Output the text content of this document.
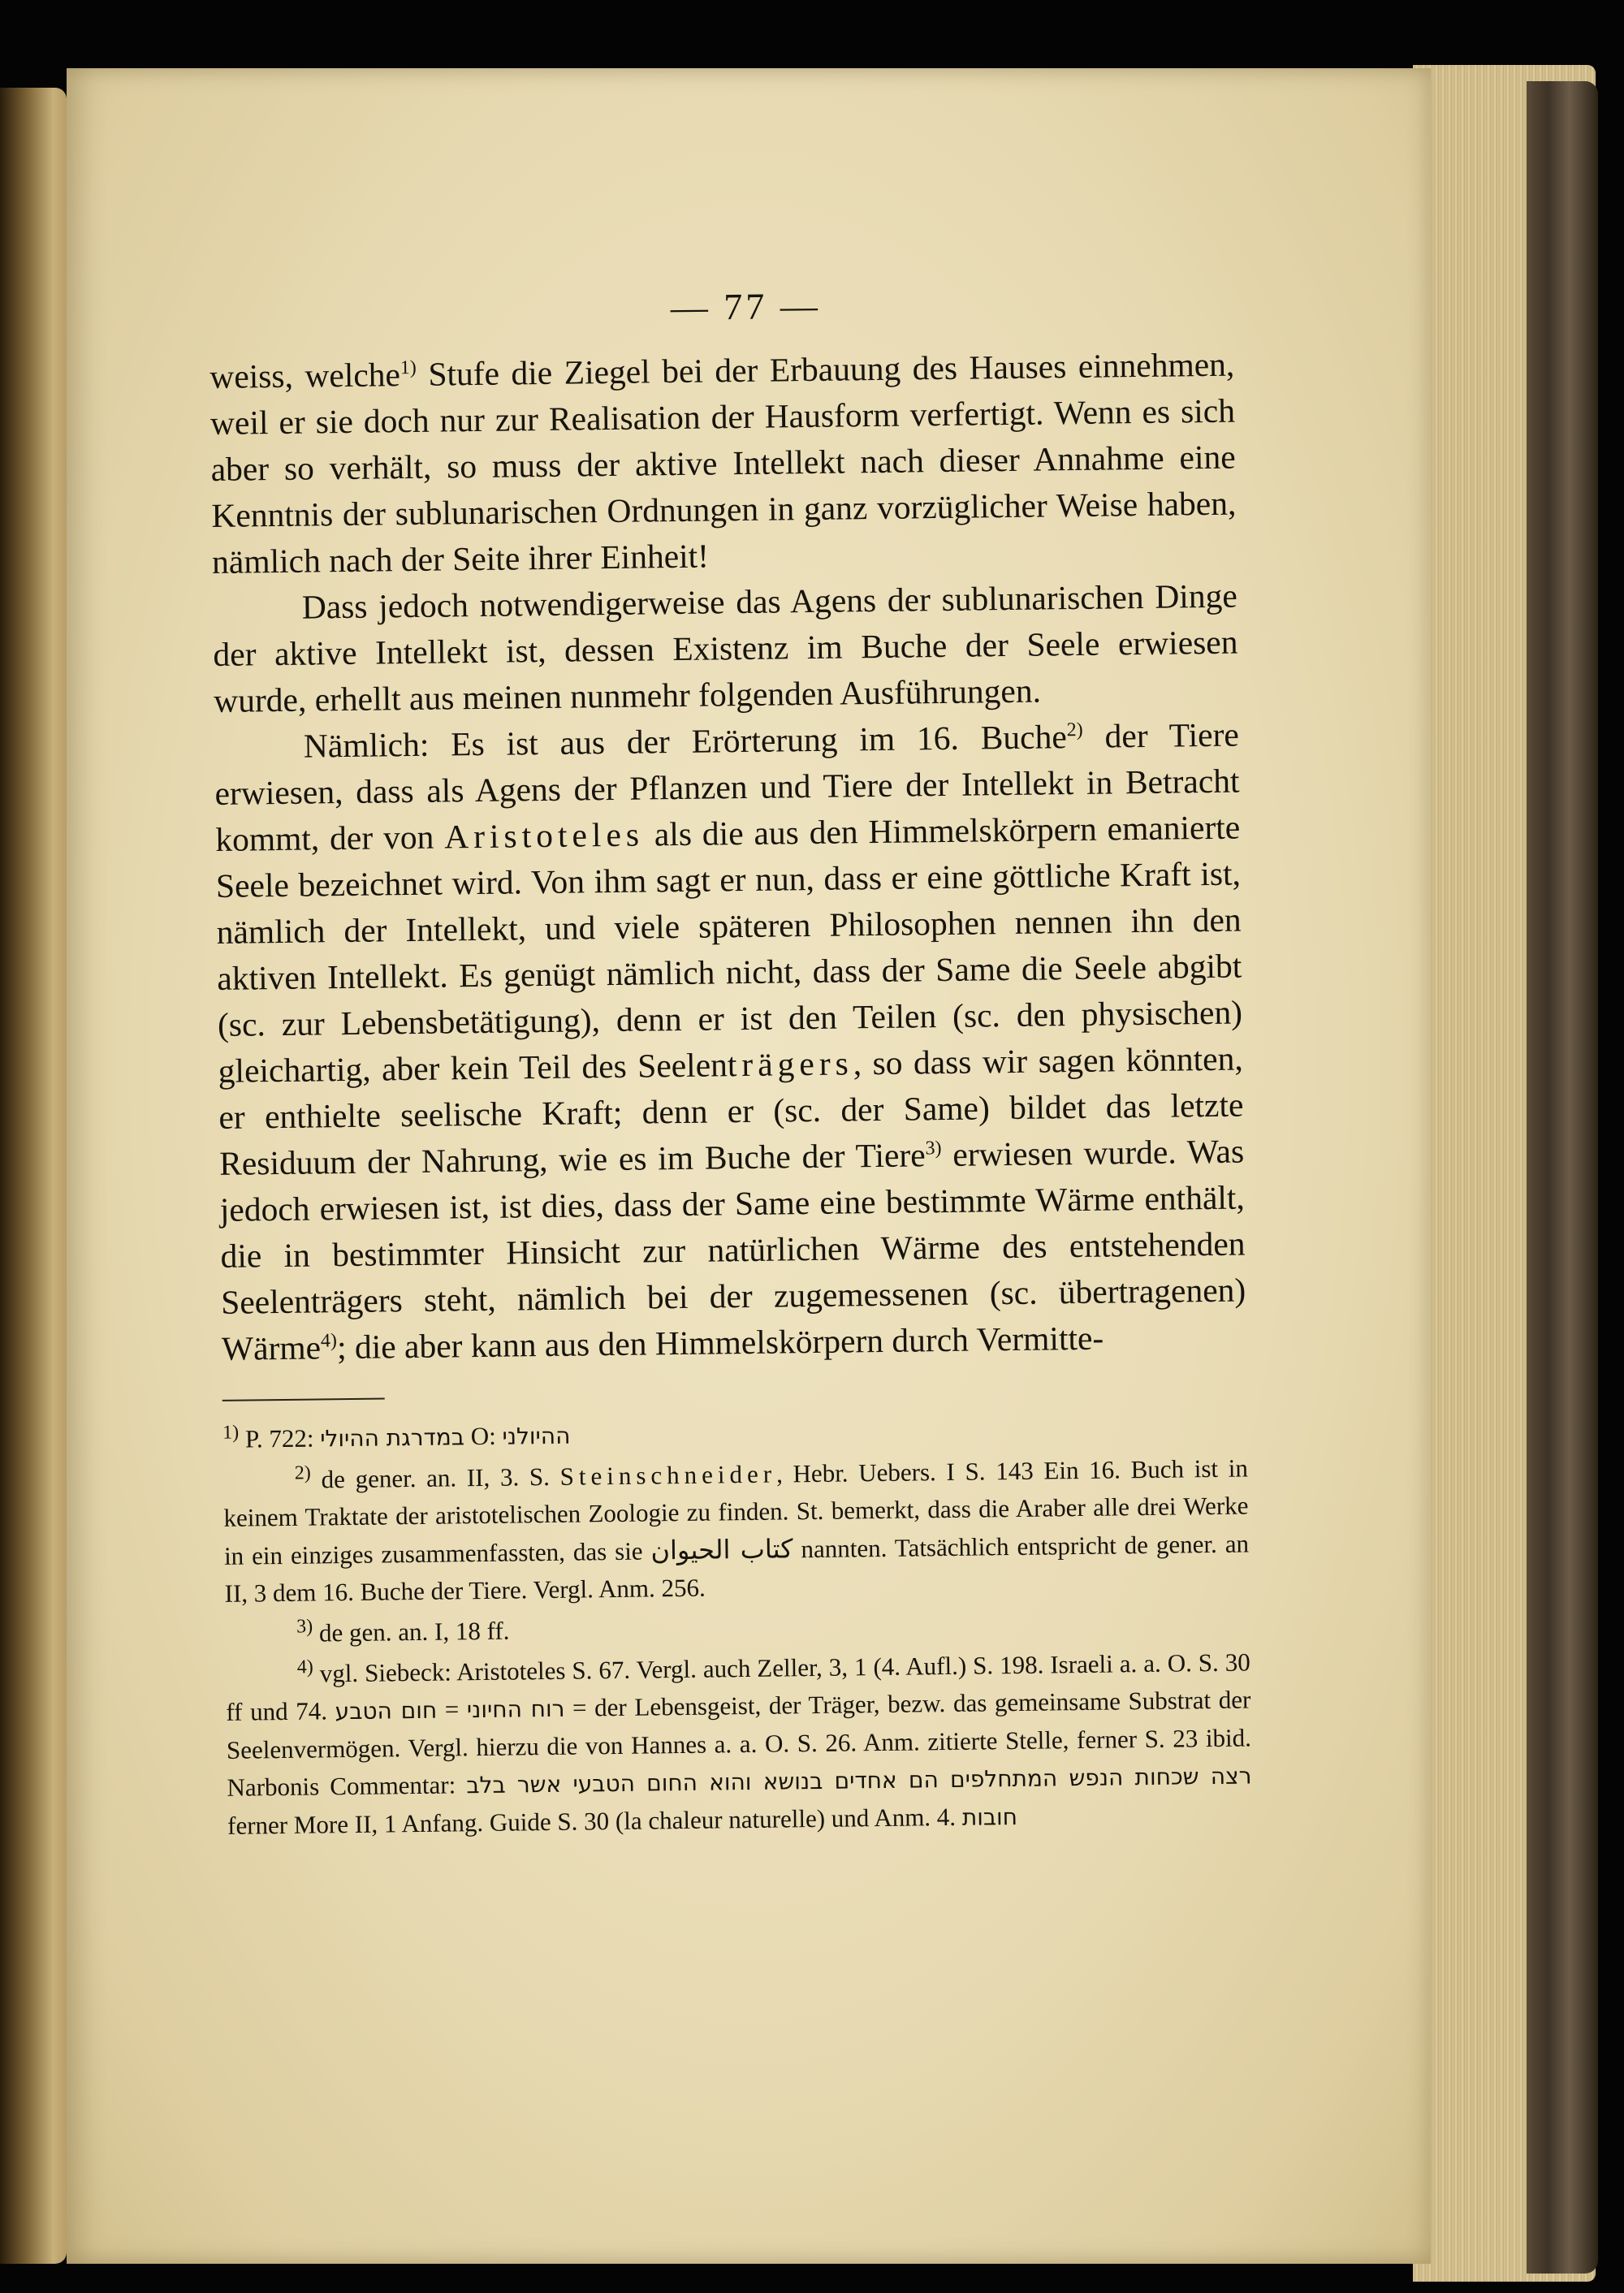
— 77 —

weiss, welche$^{1)}$ Stufe die Ziegel bei der Erbauung des Hauses einnehmen, weil er sie doch nur zur Realisation der Hausform verfertigt. Wenn es sich aber so verhält, so muss der aktive Intellekt nach dieser Annahme eine Kenntnis der sublunarischen Ordnungen in ganz vorzüglicher Weise haben, nämlich nach der Seite ihrer Einheit!

Dass jedoch notwendigerweise das Agens der sublunarischen Dinge der aktive Intellekt ist, dessen Existenz im Buche der Seele erwiesen wurde, erhellt aus meinen nunmehr folgenden Ausführungen.

Nämlich: Es ist aus der Erörterung im 16. Buche$^{2)}$ der Tiere erwiesen, dass als Agens der Pflanzen und Tiere der Intellekt in Betracht kommt, der von Aristoteles als die aus den Himmelskörpern emanierte Seele bezeichnet wird. Von ihm sagt er nun, dass er eine göttliche Kraft ist, nämlich der Intellekt, und viele späteren Philosophen nennen ihn den aktiven Intellekt. Es genügt nämlich nicht, dass der Same die Seele abgibt (sc. zur Lebensbetätigung), denn er ist den Teilen (sc. den physischen) gleichartig, aber kein Teil des Seelenträgers, so dass wir sagen könnten, er enthielte seelische Kraft; denn er (sc. der Same) bildet das letzte Residuum der Nahrung, wie es im Buche der Tiere$^{3)}$ erwiesen wurde. Was jedoch erwiesen ist, ist dies, dass der Same eine bestimmte Wärme enthält, die in bestimmter Hinsicht zur natürlichen Wärme des entstehenden Seelenträgers steht, nämlich bei der zugemessenen (sc. übertragenen) Wärme$^{4)}$; die aber kann aus den Himmelskörpern durch Vermitte-

$^{1)}$ P. 722: במדרגת ההיולי O: ההיולני

$^{2)}$ de gener. an. II, 3. S. Steinschneider, Hebr. Uebers. I S. 143 Ein 16. Buch ist in keinem Traktate der aristotelischen Zoologie zu finden. St. bemerkt, dass die Araber alle drei Werke in ein einziges zusammenfassten, das sie كتاب الحيوان nannten. Tatsächlich entspricht de gener. an II, 3 dem 16. Buche der Tiere. Vergl. Anm. 256.

$^{3)}$ de gen. an. I, 18 ff.

$^{4)}$ vgl. Siebeck: Aristoteles S. 67. Vergl. auch Zeller, 3, 1 (4. Aufl.) S. 198. Israeli a. a. O. S. 30 ff und 74. חום הטבע = רוח החיוני = der Lebensgeist, der Träger, bezw. das gemeinsame Substrat der Seelenvermögen. Vergl. hierzu die von Hannes a. a. O. S. 26. Anm. zitierte Stelle, ferner S. 23 ibid. Narbonis Commentar: רצה שכחות הנפש המתחלפים הם אחדים בנושא והוא החום הטבעי אשר בלב ferner More II, 1 Anfang. Guide S. 30 (la chaleur naturelle) und Anm. 4. חובות
